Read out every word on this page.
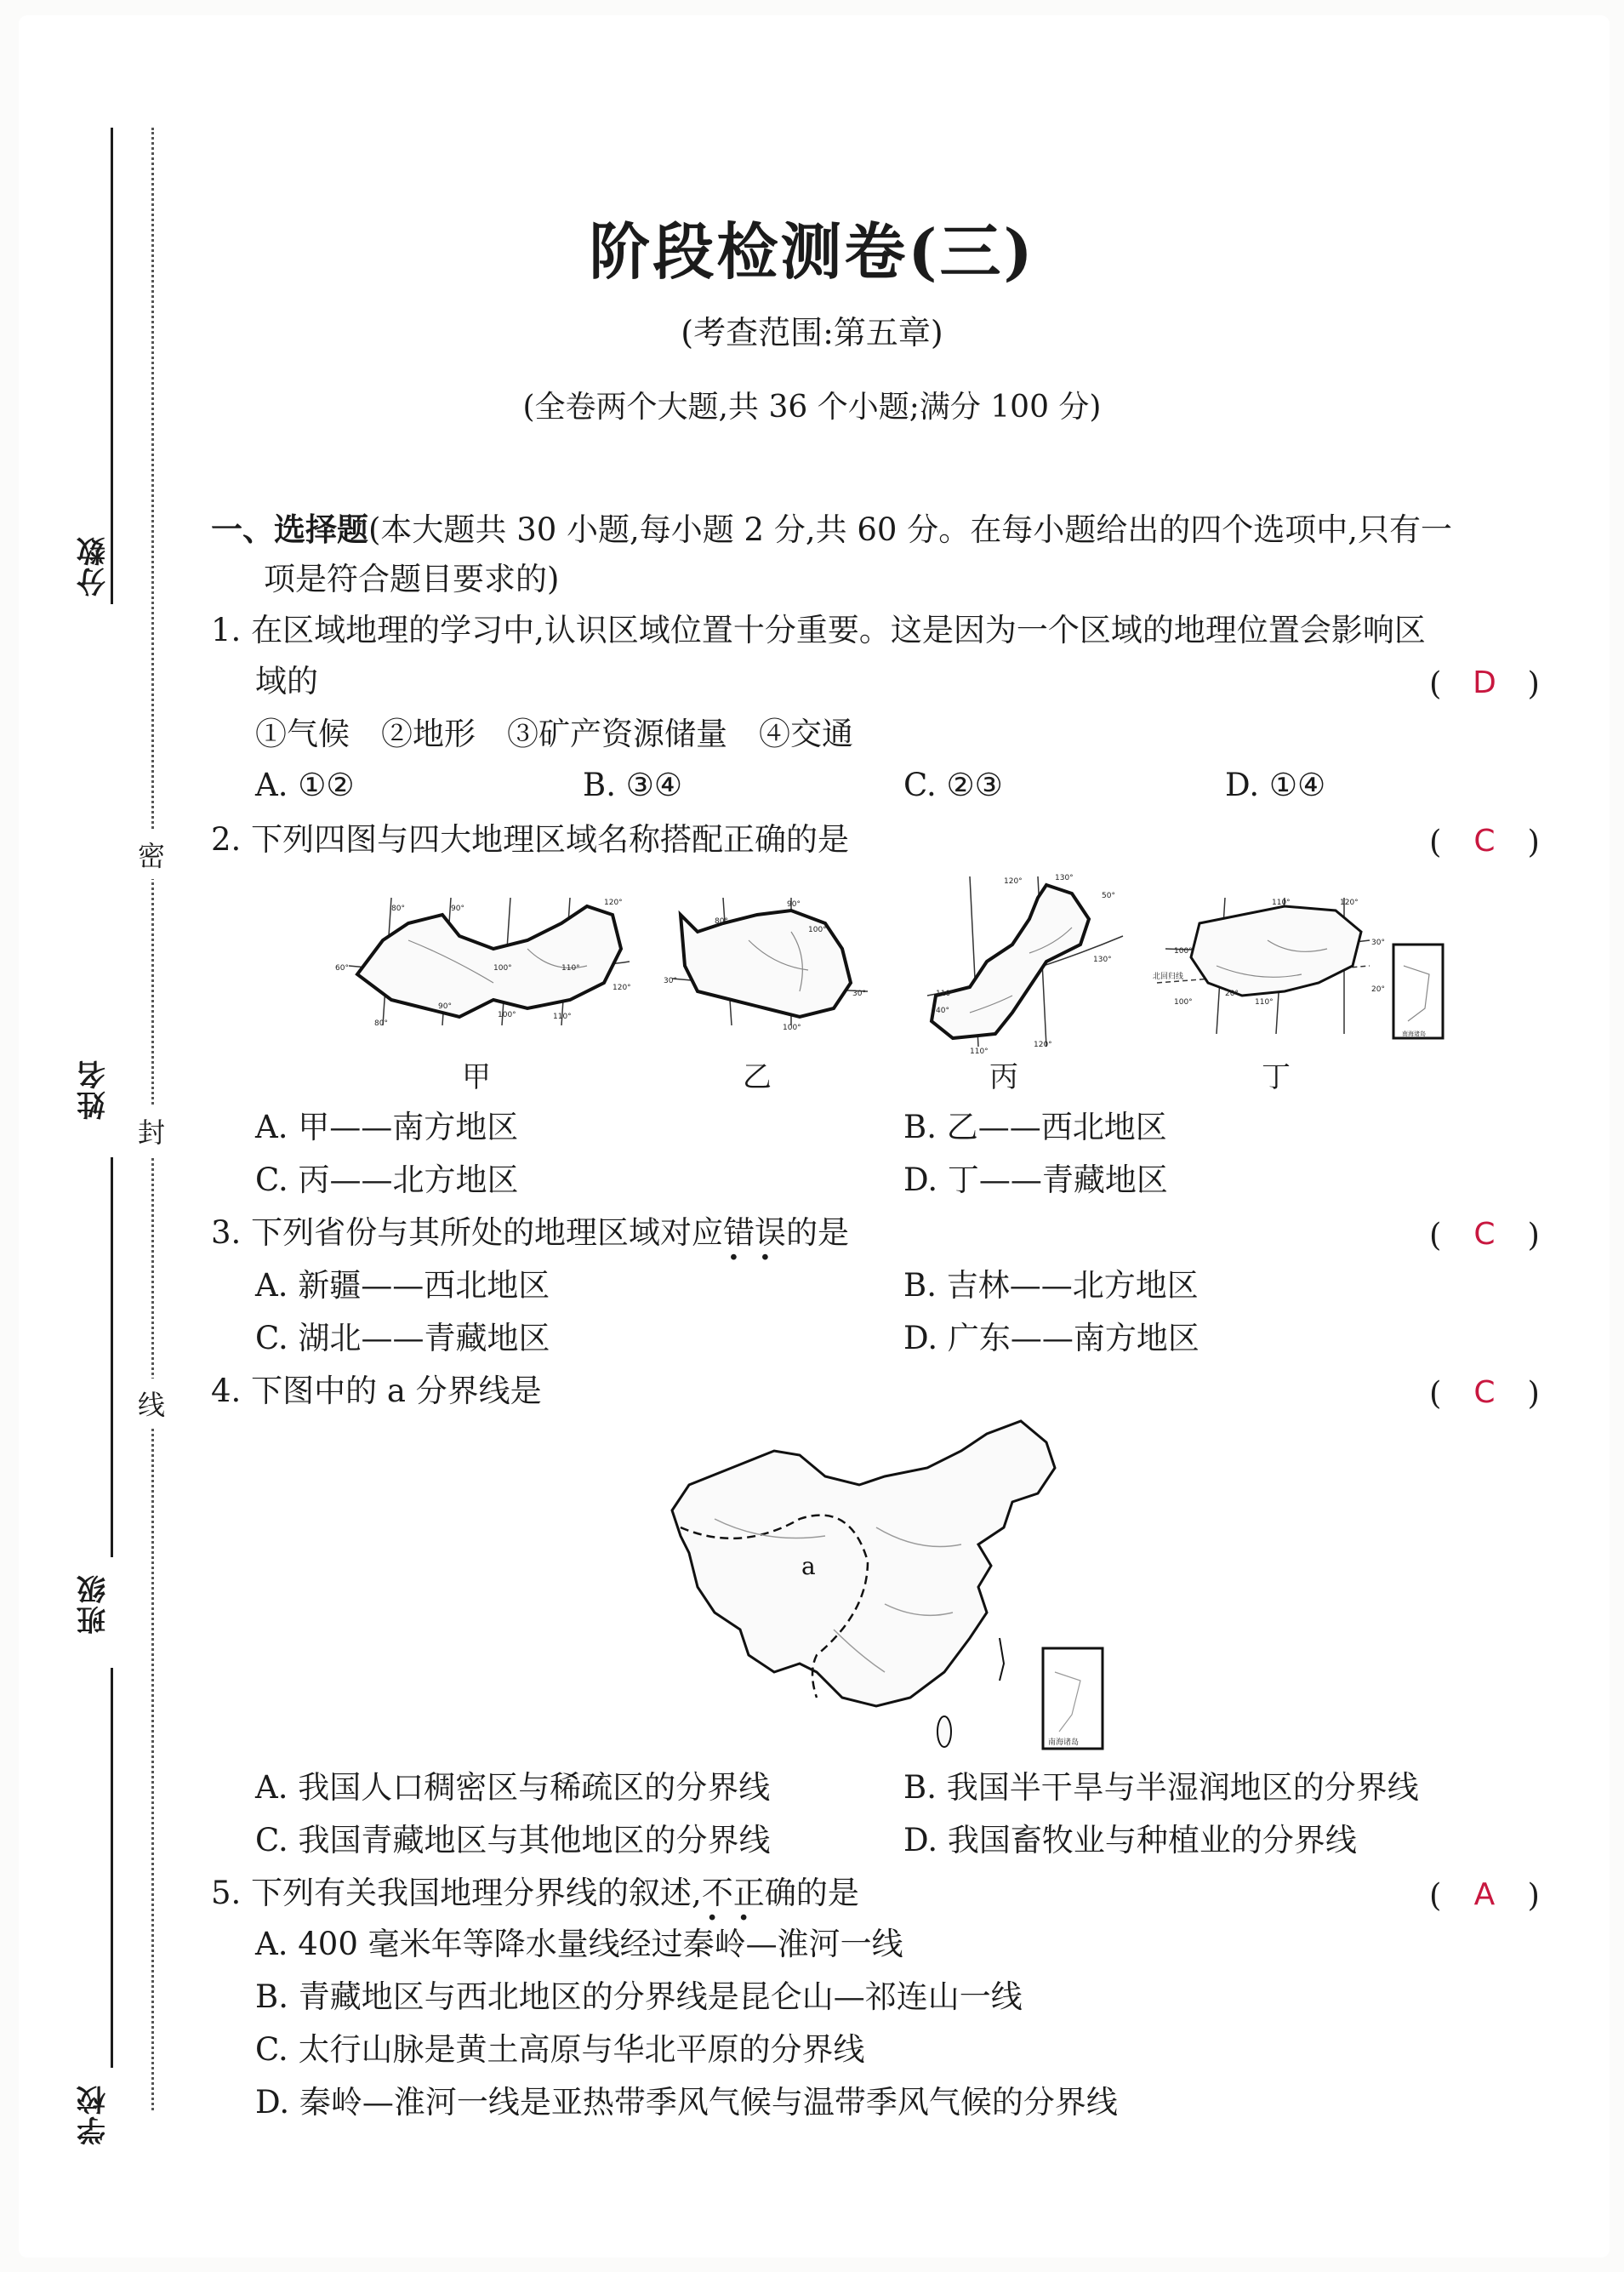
分数
姓名
班级
学校
密
封
线
阶段检测卷(三)
(考查范围:第五章)
(全卷两个大题,共 36 个小题;满分 100 分)
一、选择题(本大题共 30 小题,每小题 2 分,共 60 分。在每小题给出的四个选项中,只有一
项是符合题目要求的)
1. 在区域地理的学习中,认识区域位置十分重要。这是因为一个区域的地理位置会影响区
域的	( D )
①气候　②地形　③矿产资源储量　④交通
A. ①②	B. ③④	C. ②③	D. ①④
2. 下列四图与四大地理区域名称搭配正确的是	( C )
80°	90°
120°
60°	100°	110°
120°
80°
90°
100°	110°
甲
90°
100°
30°
30°
100°
80°
乙
120°	130°
50°
110°
40°
130°
110°
120°
丙
110°	120°
30°
100°
北回归线
20°
100°	110°
20°
南海诸岛
丁
A. 甲——南方地区	B. 乙——西北地区
C. 丙——北方地区	D. 丁——青藏地区
3. 下列省份与其所处的地理区域对应错误 · ·的是	( C )
A. 新疆——西北地区	B. 吉林——北方地区
C. 湖北——青藏地区	D. 广东——南方地区
4. 下图中的 a 分界线是	( C )
a
南海诸岛
A. 我国人口稠密区与稀疏区的分界线	B. 我国半干旱与半湿润地区的分界线
C. 我国青藏地区与其他地区的分界线	D. 我国畜牧业与种植业的分界线
5. 下列有关我国地理分界线的叙述,不正确 · ·的是	( A )
A. 400 毫米年等降水量线经过秦岭—淮河一线
B. 青藏地区与西北地区的分界线是昆仑山—祁连山一线
C. 太行山脉是黄土高原与华北平原的分界线
D. 秦岭—淮河一线是亚热带季风气候与温带季风气候的分界线
